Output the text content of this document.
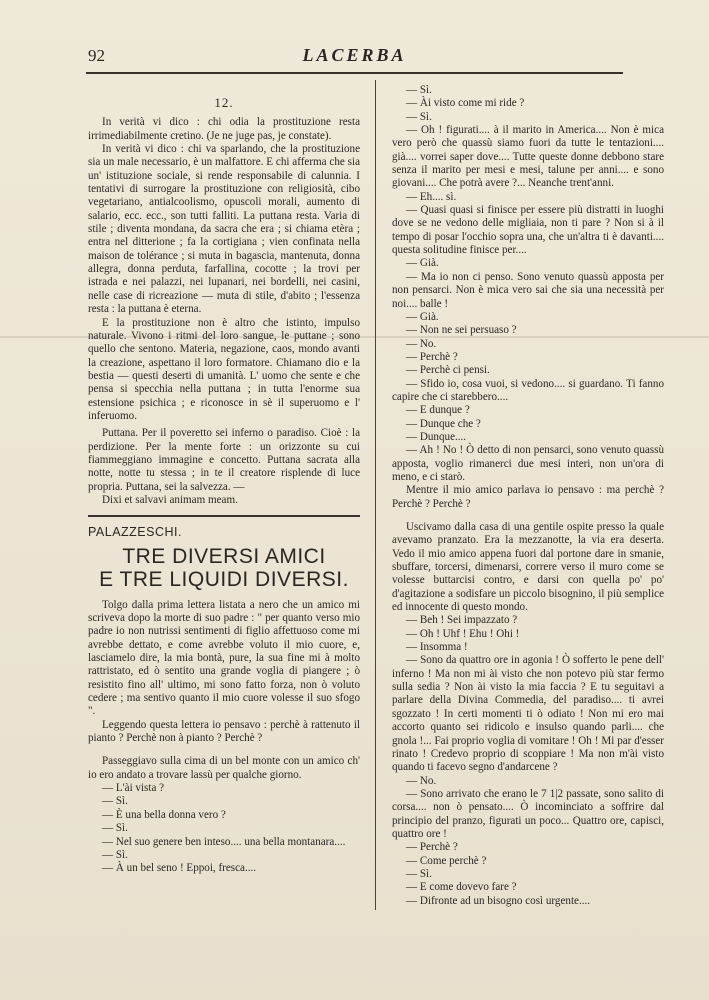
92	LACERBA
12.

In verità vi dico : chi odia la prostituzione resta irrimediabilmente cretino. (Je ne juge pas, je constate).

In verità vi dico : chi va sparlando, che la prostituzione sia un male necessario, è un malfattore. E chi afferma che sia un' istituzione sociale, si rende responsabile di calunnia. I tentativi di surrogare la prostituzione con religiosità, cibo vegetariano, antialcoolismo, opuscoli morali, aumento di salario, ecc. ecc., son tutti falliti. La puttana resta. Varia di stile ; diventa mondana, da sacra che era ; si chiama etèra ; entra nel ditterione ; fa la cortigiana ; vien confinata nella maison de tolérance ; si muta in bagascia, mantenuta, donna allegra, donna perduta, farfallina, cocotte ; la trovi per istrada e nei palazzi, nei lupanari, nei bordelli, nei casini, nelle case di ricreazione — muta di stile, d'abito ; l'essenza resta : la puttana è eterna.

E la prostituzione non è altro che istinto, impulso naturale. Vivono i ritmi del loro sangue, le puttane ; sono quello che sentono. Materia, negazione, caos, mondo avanti la creazione, aspettano il loro formatore. Chiamano dio e la bestia — questi deserti di umanità. L' uomo che sente e che pensa si specchia nella puttana ; in tutta l'enorme sua estensione psichica ; e riconosce in sè il superuomo e l' inferuomo.

Puttana. Per il poveretto sei inferno o paradiso. Cioè : la perdizione. Per la mente forte : un orizzonte su cui fiammeggiano immagine e concetto. Puttana sacrata alla notte, notte tu stessa ; in te il creatore risplende di luce propria. Puttana, sei la salvezza. —

Dixi et salvavi animam meam.

PALAZZESCHI.
TRE DIVERSI AMICI
E TRE LIQUIDI DIVERSI.

Tolgo dalla prima lettera listata a nero che un amico mi scriveva dopo la morte di suo padre : " per quanto verso mio padre io non nutrissi sentimenti di figlio affettuoso come mi avrebbe dettato, e come avrebbe voluto il mio cuore, e, lasciamelo dire, la mia bontà, pure, la sua fine mi à molto rattristato, ed ò sentito una grande voglia di piangere ; ò resistito fino all' ultimo, mi sono fatto forza, non ò voluto cedere ; ma sentivo quanto il mio cuore volesse il suo sfogo ".

Leggendo questa lettera io pensavo : perchè à rattenuto il pianto ? Perchè non à pianto ? Perchè ?

Passeggiavo sulla cima di un bel monte con un amico ch' io ero andato a trovare lassù per qualche giorno.

— L'ài vista ?

— Sì.

— È una bella donna vero ?

— Sì.

— Nel suo genere ben inteso.... una bella montanara....

— Sì.

— À un bel seno ! Eppoi, fresca....

— Sì.

— Ài visto come mi ride ?

— Sì.

— Oh ! figurati.... à il marito in America.... Non è mica vero però che quassù siamo fuori da tutte le tentazioni.... già.... vorrei saper dove.... Tutte queste donne debbono stare senza il marito per mesi e mesi, talune per anni.... e sono giovani.... Che potrà avere ?... Neanche trent'anni.

— Eh.... sì.

— Quasi quasi si finisce per essere più distratti in luoghi dove se ne vedono delle migliaia, non ti pare ? Non si à il tempo di posar l'occhio sopra una, che un'altra ti è davanti.... questa solitudine finisce per....

— Già.

— Ma io non ci penso. Sono venuto quassù apposta per non pensarci. Non è mica vero sai che sia una necessità per noi.... balle !

— Già.

— Non ne sei persuaso ?

— No.

— Perchè ?

— Perchè ci pensi.

— Sfido io, cosa vuoi, si vedono.... si guardano. Ti fanno capire che ci starebbero....

— E dunque ?

— Dunque che ?

— Dunque....

— Ah ! No ! Ò detto di non pensarci, sono venuto quassù apposta, voglio rimanerci due mesi interi, non un'ora di meno, e ci starò.

Mentre il mio amico parlava io pensavo : ma perchè ? Perchè ? Perchè ?

Uscivamo dalla casa di una gentile ospite presso la quale avevamo pranzato. Era la mezzanotte, la via era deserta. Vedo il mio amico appena fuori dal portone dare in smanie, sbuffare, torcersi, dimenarsi, correre verso il muro come se volesse buttarcisi contro, e darsi con quella po' po' d'agitazione a sodisfare un piccolo bisognino, il più semplice ed innocente di questo mondo.

— Beh ! Sei impazzato ?

— Oh ! Uhf ! Ehu ! Ohi !

— Insomma !

— Sono da quattro ore in agonia ! Ò sofferto le pene dell' inferno ! Ma non mi ài visto che non potevo più star fermo sulla sedia ? Non ài visto la mia faccia ? E tu seguitavi a parlare della Divina Commedia, del paradiso.... ti avrei sgozzato ! In certi momenti ti ò odiato ! Non mi ero mai accorto quanto sei ridicolo e insulso quando parli.... che gnola !... Fai proprio voglia di vomitare ! Oh ! Mi par d'esser rinato ! Credevo proprio di scoppiare ! Ma non m'ài visto quando ti facevo segno d'andarcene ?

— No.

— Sono arrivato che erano le 7 1|2 passate, sono salito di corsa.... non ò pensato.... Ò incominciato a soffrire dal principio del pranzo, figurati un poco... Quattro ore, capisci, quattro ore !

— Perchè ?

— Come perchè ?

— Sì.

— E come dovevo fare ?

— Difronte ad un bisogno così urgente....
